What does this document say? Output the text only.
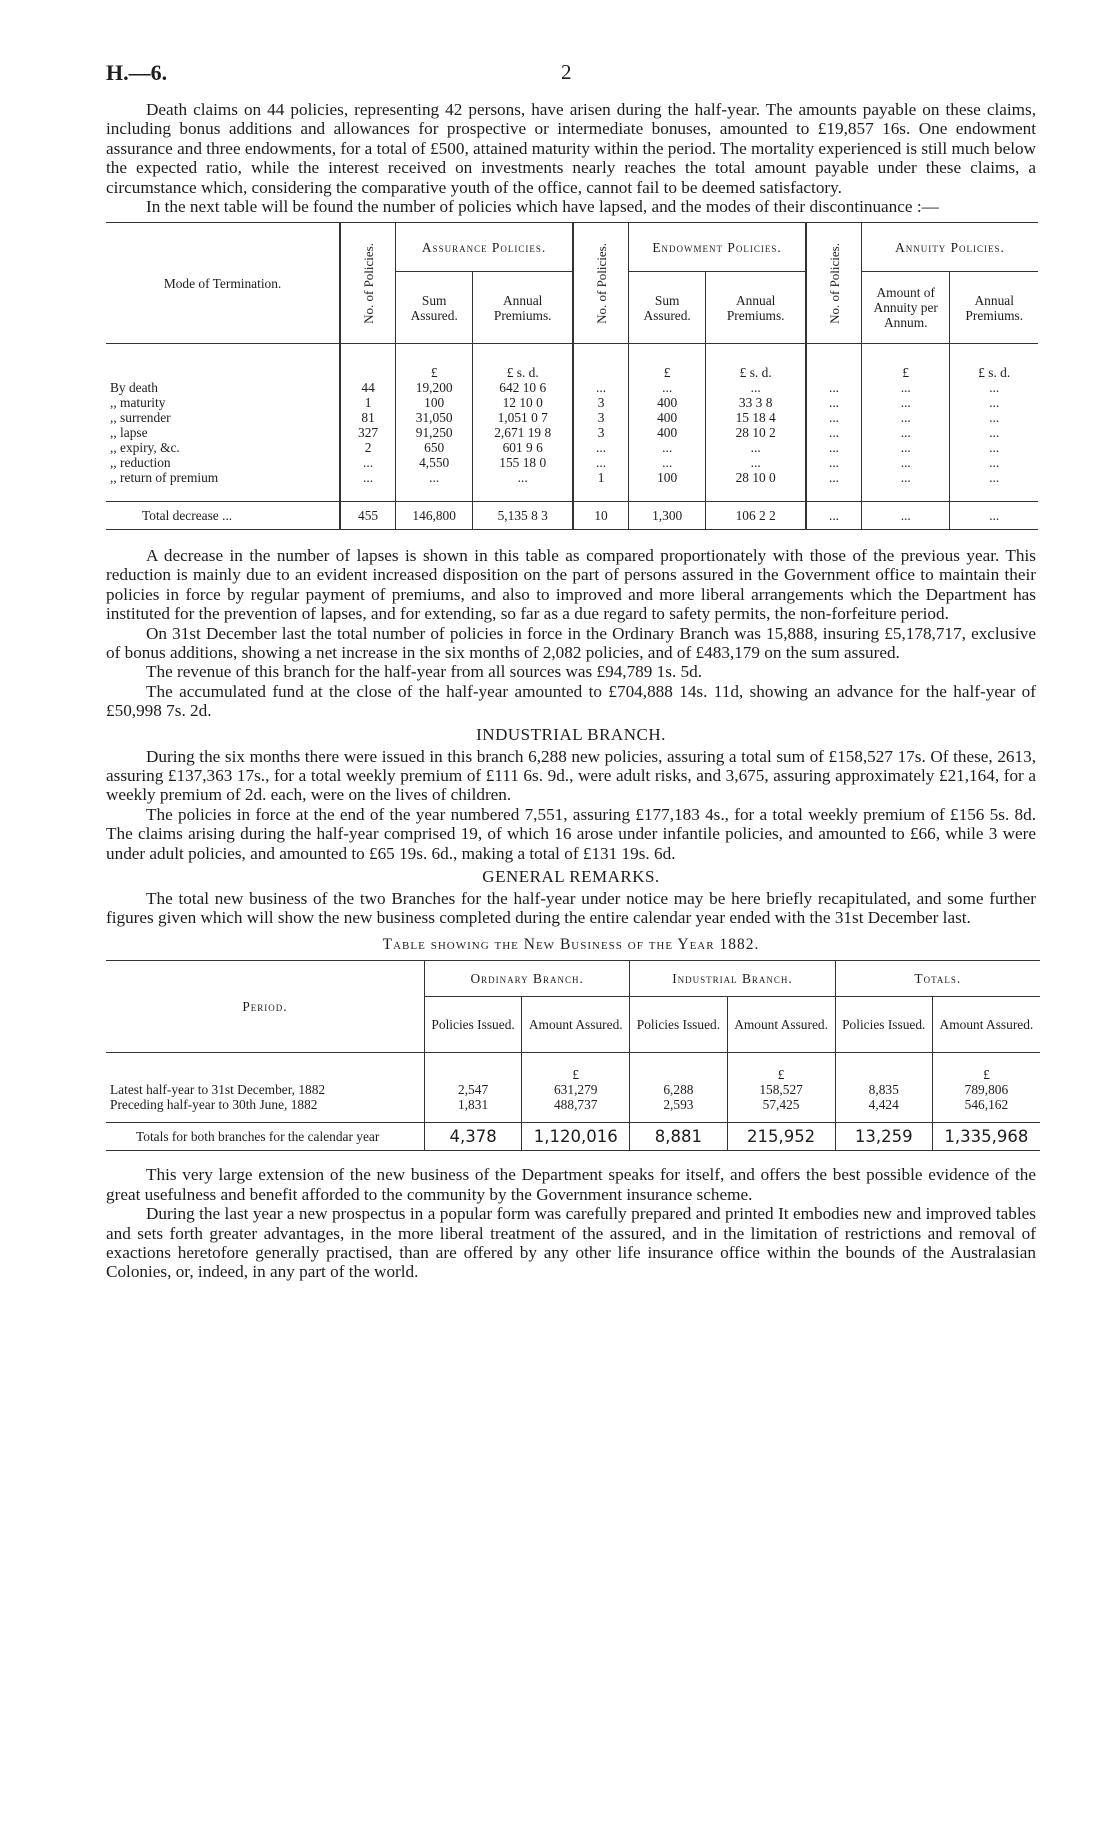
H.—6.	2

Death claims on 44 policies, representing 42 persons, have arisen during the half-year. The amounts payable on these claims, including bonus additions and allowances for prospective or intermediate bonuses, amounted to £19,857 16s. One endowment assurance and three endowments, for a total of £500, attained maturity within the period. The mortality experienced is still much below the expected ratio, while the interest received on investments nearly reaches the total amount payable under these claims, a circumstance which, considering the comparative youth of the office, cannot fail to be deemed satisfactory.

In the next table will be found the number of policies which have lapsed, and the modes of their discontinuance :—

Mode of Termination.	No. of Policies.	Assurance Policies.		No. of Policies.	Endowment Policies.		No. of Policies.	Annuity Policies.	
		Sum Assured.	Annual Premiums.		Sum Assured.	Annual Premiums.		Amount of Annuity per Annum.	Annual Premiums.
		£	£ s. d.		£	£ s. d.		£	£ s. d.
By death	44	19,200	642 10 6	...	...	...	...	...	...
,, maturity	1	100	12 10 0	3	400	33 3 8	...	...	...
,, surrender	81	31,050	1,051 0 7	3	400	15 18 4	...	...	...
,, lapse	327	91,250	2,671 19 8	3	400	28 10 2	...	...	...
,, expiry, &c.	2	650	601 9 6	...	...	...	...	...	...
,, reduction	...	4,550	155 18 0	...	...	...	...	...	...
,, return of premium	...	...	...	1	100	28 10 0	...	...	...
Total decrease ...	455	146,800	5,135 8 3	10	1,300	106 2 2	...	...	...

A decrease in the number of lapses is shown in this table as compared proportionately with those of the previous year. This reduction is mainly due to an evident increased disposition on the part of persons assured in the Government office to maintain their policies in force by regular payment of premiums, and also to improved and more liberal arrangements which the Department has instituted for the prevention of lapses, and for extending, so far as a due regard to safety permits, the non-forfeiture period.

On 31st December last the total number of policies in force in the Ordinary Branch was 15,888, insuring £5,178,717, exclusive of bonus additions, showing a net increase in the six months of 2,082 policies, and of £483,179 on the sum assured.

The revenue of this branch for the half-year from all sources was £94,789 1s. 5d.

The accumulated fund at the close of the half-year amounted to £704,888 14s. 11d, showing an advance for the half-year of £50,998 7s. 2d.

INDUSTRIAL BRANCH.

During the six months there were issued in this branch 6,288 new policies, assuring a total sum of £158,527 17s. Of these, 2613, assuring £137,363 17s., for a total weekly premium of £111 6s. 9d., were adult risks, and 3,675, assuring approximately £21,164, for a weekly premium of 2d. each, were on the lives of children.

The policies in force at the end of the year numbered 7,551, assuring £177,183 4s., for a total weekly premium of £156 5s. 8d. The claims arising during the half-year comprised 19, of which 16 arose under infantile policies, and amounted to £66, while 3 were under adult policies, and amounted to £65 19s. 6d., making a total of £131 19s. 6d.

GENERAL REMARKS.

The total new business of the two Branches for the half-year under notice may be here briefly recapitulated, and some further figures given which will show the new business completed during the entire calendar year ended with the 31st December last.

Table showing the New Business of the Year 1882.
Period.	Ordinary Branch.		Industrial Branch.		Totals.	
	Policies Issued.	Amount Assured.	Policies Issued.	Amount Assured.	Policies Issued.	Amount Assured.
		£		£		£
Latest half-year to 31st December, 1882	2,547	631,279	6,288	158,527	8,835	789,806
Preceding half-year to 30th June, 1882	1,831	488,737	2,593	57,425	4,424	546,162
Totals for both branches for the calendar year	4,378	1,120,016	8,881	215,952	13,259	1,335,968

This very large extension of the new business of the Department speaks for itself, and offers the best possible evidence of the great usefulness and benefit afforded to the community by the Government insurance scheme.

During the last year a new prospectus in a popular form was carefully prepared and printed It embodies new and improved tables and sets forth greater advantages, in the more liberal treatment of the assured, and in the limitation of restrictions and removal of exactions heretofore generally practised, than are offered by any other life insurance office within the bounds of the Australasian Colonies, or, indeed, in any part of the world.
